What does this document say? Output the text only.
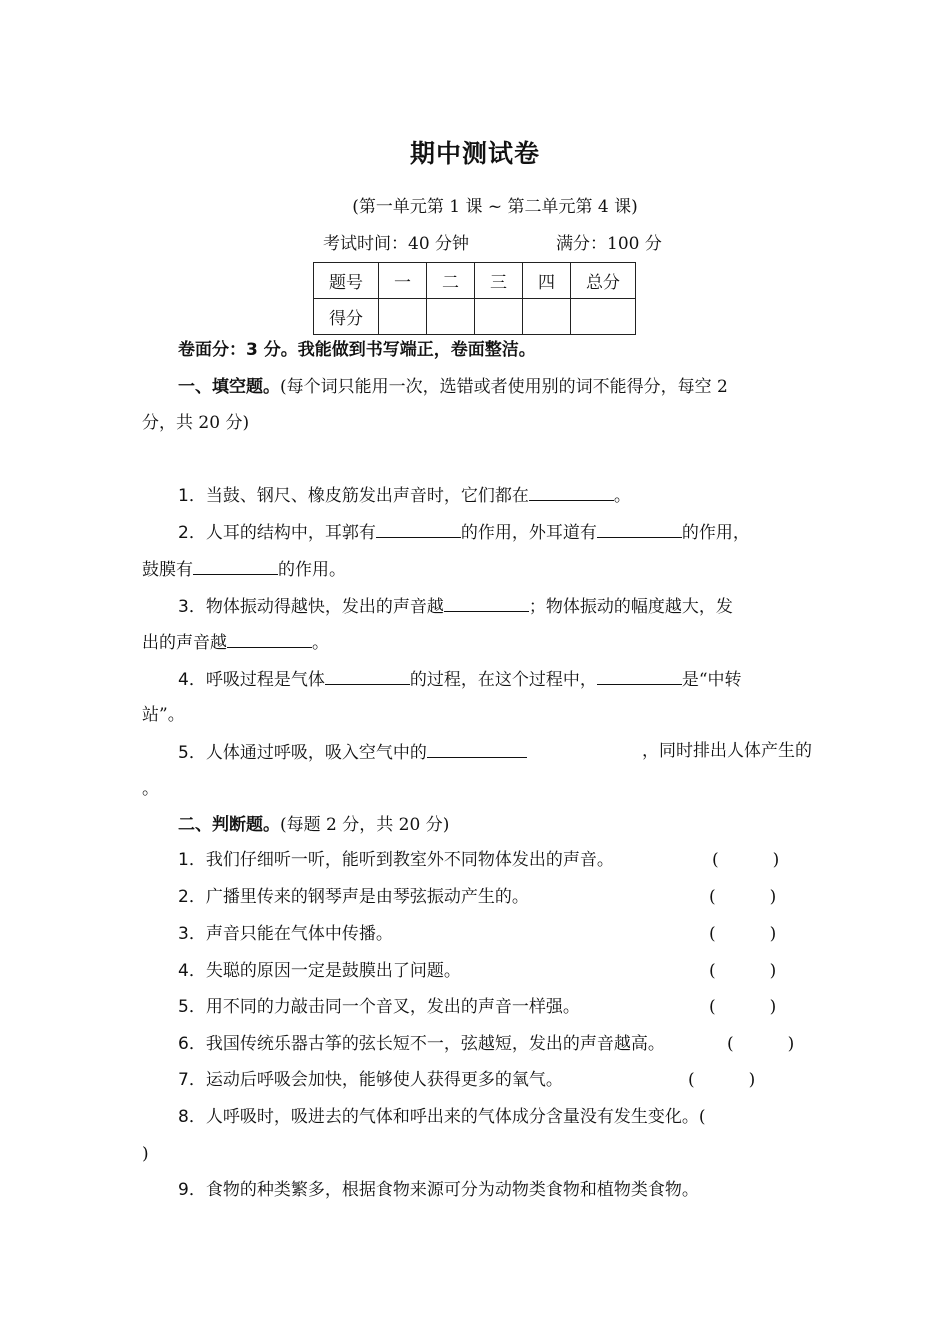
期中测试卷
(第一单元第 1 课 ~ 第二单元第 4 课)
考试时间：40 分钟	满分：100 分
题号	一	二	三	四	总分
得分					
卷面分：3 分。我能做到书写端正，卷面整洁。
一、填空题。(每个词只能用一次，选错或者使用别的词不能得分，每空 2
分，共 20 分)
1．当鼓、钢尺、橡皮筋发出声音时，它们都在	。
2．人耳的结构中，耳郭有	的作用，外耳道有	的作用，
鼓膜有	的作用。
3．物体振动得越快，发出的声音越	；物体振动的幅度越大，发
出的声音越	。
4．呼吸过程是气体	的过程，在这个过程中，	是“中转
站”。
5．人体通过呼吸，吸入空气中的	，同时排出人体产生的
。
二、判断题。(每题 2 分，共 20 分)
1．我们仔细听一听，能听到教室外不同物体发出的声音。	(          )
2．广播里传来的钢琴声是由琴弦振动产生的。	(          )
3．声音只能在气体中传播。	(          )
4．失聪的原因一定是鼓膜出了问题。	(          )
5．用不同的力敲击同一个音叉，发出的声音一样强。	(          )
6．我国传统乐器古筝的弦长短不一，弦越短，发出的声音越高。	(          )
7．运动后呼吸会加快，能够使人获得更多的氧气。	(          )
8．人呼吸时，吸进去的气体和呼出来的气体成分含量没有发生变化。(
)
9．食物的种类繁多，根据食物来源可分为动物类食物和植物类食物。
